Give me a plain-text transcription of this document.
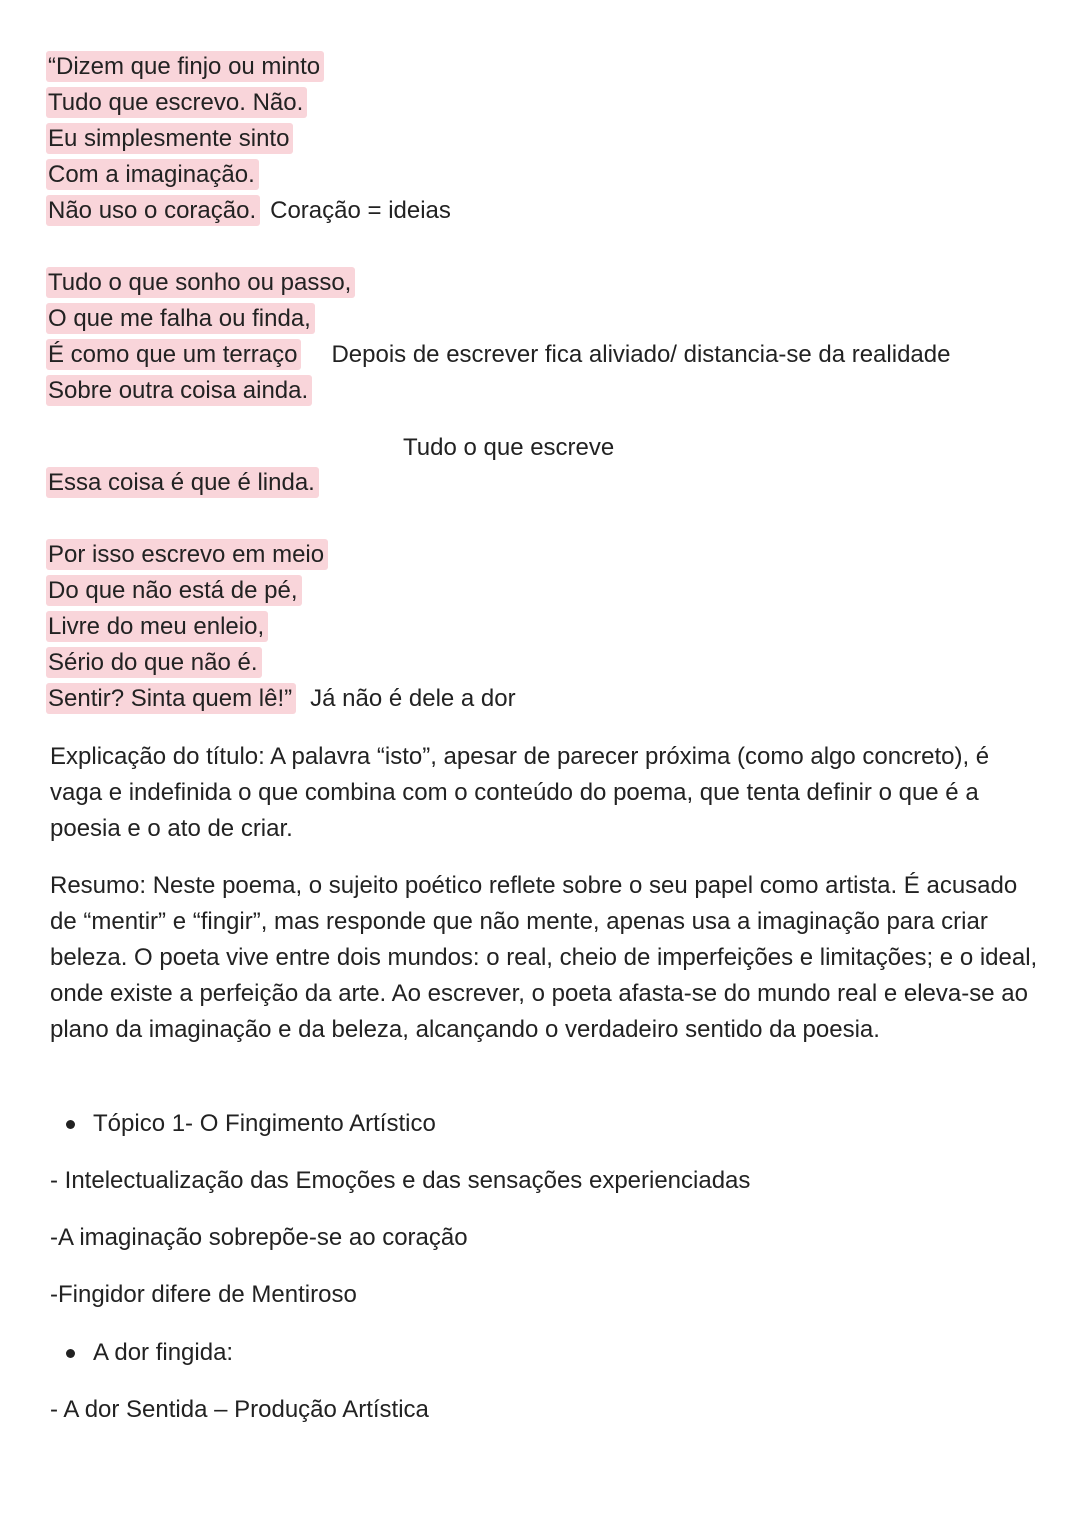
“Dizem que finjo ou minto
Tudo que escrevo. Não.
Eu simplesmente sinto
Com a imaginação.
Não uso o coração. Coração = ideias
Tudo o que sonho ou passo,
O que me falha ou finda,
É como que um terraço Depois de escrever fica aliviado/ distancia-se da realidade
Sobre outra coisa ainda.
Tudo o que escreve
Essa coisa é que é linda.
Por isso escrevo em meio
Do que não está de pé,
Livre do meu enleio,
Sério do que não é.
Sentir? Sinta quem lê!” Já não é dele a dor
Explicação do título: A palavra “isto”, apesar de parecer próxima (como algo concreto), é vaga e indefinida o que combina com o conteúdo do poema, que tenta definir o que é a poesia e o ato de criar.
Resumo: Neste poema, o sujeito poético reflete sobre o seu papel como artista. É acusado de “mentir” e “fingir”, mas responde que não mente, apenas usa a imaginação para criar beleza. O poeta vive entre dois mundos: o real, cheio de imperfeições e limitações; e o ideal, onde existe a perfeição da arte. Ao escrever, o poeta afasta-se do mundo real e eleva-se ao plano da imaginação e da beleza, alcançando o verdadeiro sentido da poesia.
Tópico 1- O Fingimento Artístico
- Intelectualização das Emoções e das sensações experienciadas
-A imaginação sobrepõe-se ao coração
-Fingidor difere de Mentiroso
A dor fingida:
- A dor Sentida – Produção Artística
